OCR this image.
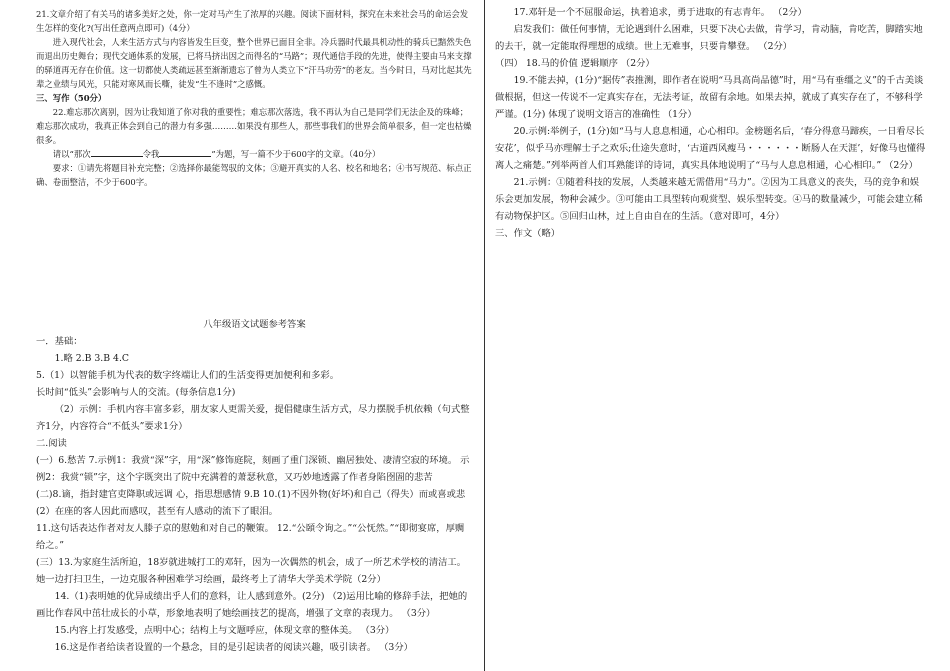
21.文章介绍了有关马的诸多美好之处，你一定对马产生了浓厚的兴趣。阅读下面材料，探究在未来社会马的命运会发生怎样的变化?(写出任意两点即可)（4分）

进入现代社会，人来生活方式与内容皆发生巨变，整个世界已面目全非。冷兵器时代最具机动性的骑兵已黯然失色而退出历史舞台；现代交通体系的发展，已将马挤出因之而得名的“马路”；现代通信手段的先进，使得主要由马来支撑的驿道再无存在价值。这一切都使人类疏远甚至渐渐遗忘了曾为人类立下“汗马功劳”的老友。当今时日，马对比起其先辈之业绩与风光，只能对寒风而长嘶，徒发“生不逢时”之感慨。

三、写作（50分）

22.难忘那次离别，因为让我知道了你对我的重要性；难忘那次落选，我不再认为自己是同学们无法企及的珠峰；难忘那次成功，我真正体会到自己的潜力有多强………如果没有那些人，那些事我们的世界会简单很多，但一定也枯燥很多。

请以“那次	令我	”为题，写一篇不少于600字的文章。（40分）

要求：①请先将题目补充完整；②选择你最能驾驭的文体；③避开真实的人名、校名和地名；④书写规范、标点正确、卷面整洁，不少于600字。

八年级语文试题参考答案

一．基础：

1.略 2.B 3.B 4.C

5.（1）以智能手机为代表的数字终端让人们的生活变得更加便利和多彩。

长时间“低头”会影响与人的交流。(每条信息1分)

（2）示例：手机内容丰富多彩，朋友家人更需关爱，提倡健康生活方式，尽力摆脱手机依赖（句式整齐1分，内容符合“不低头”要求1分）

二.阅读

(一）6.愁苦 7.示例1：我赏“深”字，用“深”修饰庭院，刻画了重门深锁、幽居独处、凄清空寂的环境。 示例2：我赏“锁”字，这个字既突出了院中充满着的萧瑟秋意，又巧妙地透露了作者身陷囹圄的悲苦

(二)8.谪，指封建官吏降职或远调 心，指思想感情 9.B 10.(1)不因外物(好坏)和自己（得失）而或喜或悲 (2）在座的客人因此而感叹，甚至有人感动的流下了眼泪。

11.这句话表达作者对友人滕子京的慰勉和对自己的鞭策。 12.“公頣令询之。”“公怃然。”“即彻宴席，厚赒 给之。”

(三）13.为家庭生活所迫，18岁就进城打工的邓轩，因为一次偶然的机会，成了一所艺术学校的清洁工。她一边打扫卫生，一边克服各种困难学习绘画，最终考上了清华大学美术学院（2分）

14.（1)表明她的优异成绩出乎人们的意料，让人感到意外。(2分) （2)运用比喻的修辞手法，把她的画比作春风中茁壮成长的小草，形象地表明了她绘画技艺的提高，增强了文章的表现力。 （3分）

15.内容上打发感受，点明中心；结构上与文题呼应，体现文章的整体美。 （3分）

16.这是作者给读者设置的一个悬念，目的是引起读者的阅读兴趣，吸引读者。 （3分）

17.邓轩是一个不屈服命运，执着追求，勇于进取的有志青年。 （2分）

启发我们：做任何事情，无论遇到什么困难，只要下决心去做，肯学习，肯动脑，肯吃苦，脚踏实地的去干，就一定能取得理想的成绩。世上无难事，只要肯攀登。 （2分）

（四） 18.马的价值 逻辑顺序 （2分）

19.不能去掉，(1分)“据传”表推测，即作者在说明“马具高尚品德”时，用“马有垂缰之义”的千古美谈做根据，但这一传说不一定真实存在，无法考证，故留有余地。如果去掉，就成了真实存在了，不够科学严谨。(1分) 体现了说明文语言的准确性 （1分）

20.示例:举例子，(1分)如“马与人息息相通，心心相印。金榜题名后，‘春分得意马蹄疾，一日看尽长安花’，似乎马亦理解士子之欢乐;仕途失意时，‘古道西风瘦马・・・・・・断肠人在天涯’，好像马也懂得离人之痛楚。”列举两首人们耳熟能详的诗词，真实具体地说明了“马与人息息相通，心心相印。” （2分）

21.示例：①随着科技的发展，人类越来越无需借用“马力”。②因为工具意义的丧失，马的竞争和娱乐会更加发展，物种会减少。③可能由工具型转向观赏型、娱乐型转变。④马的数量减少，可能会建立稀有动物保护区。⑤回归山林，过上自由自在的生活。（意对即可，4分）

三、作文（略）
